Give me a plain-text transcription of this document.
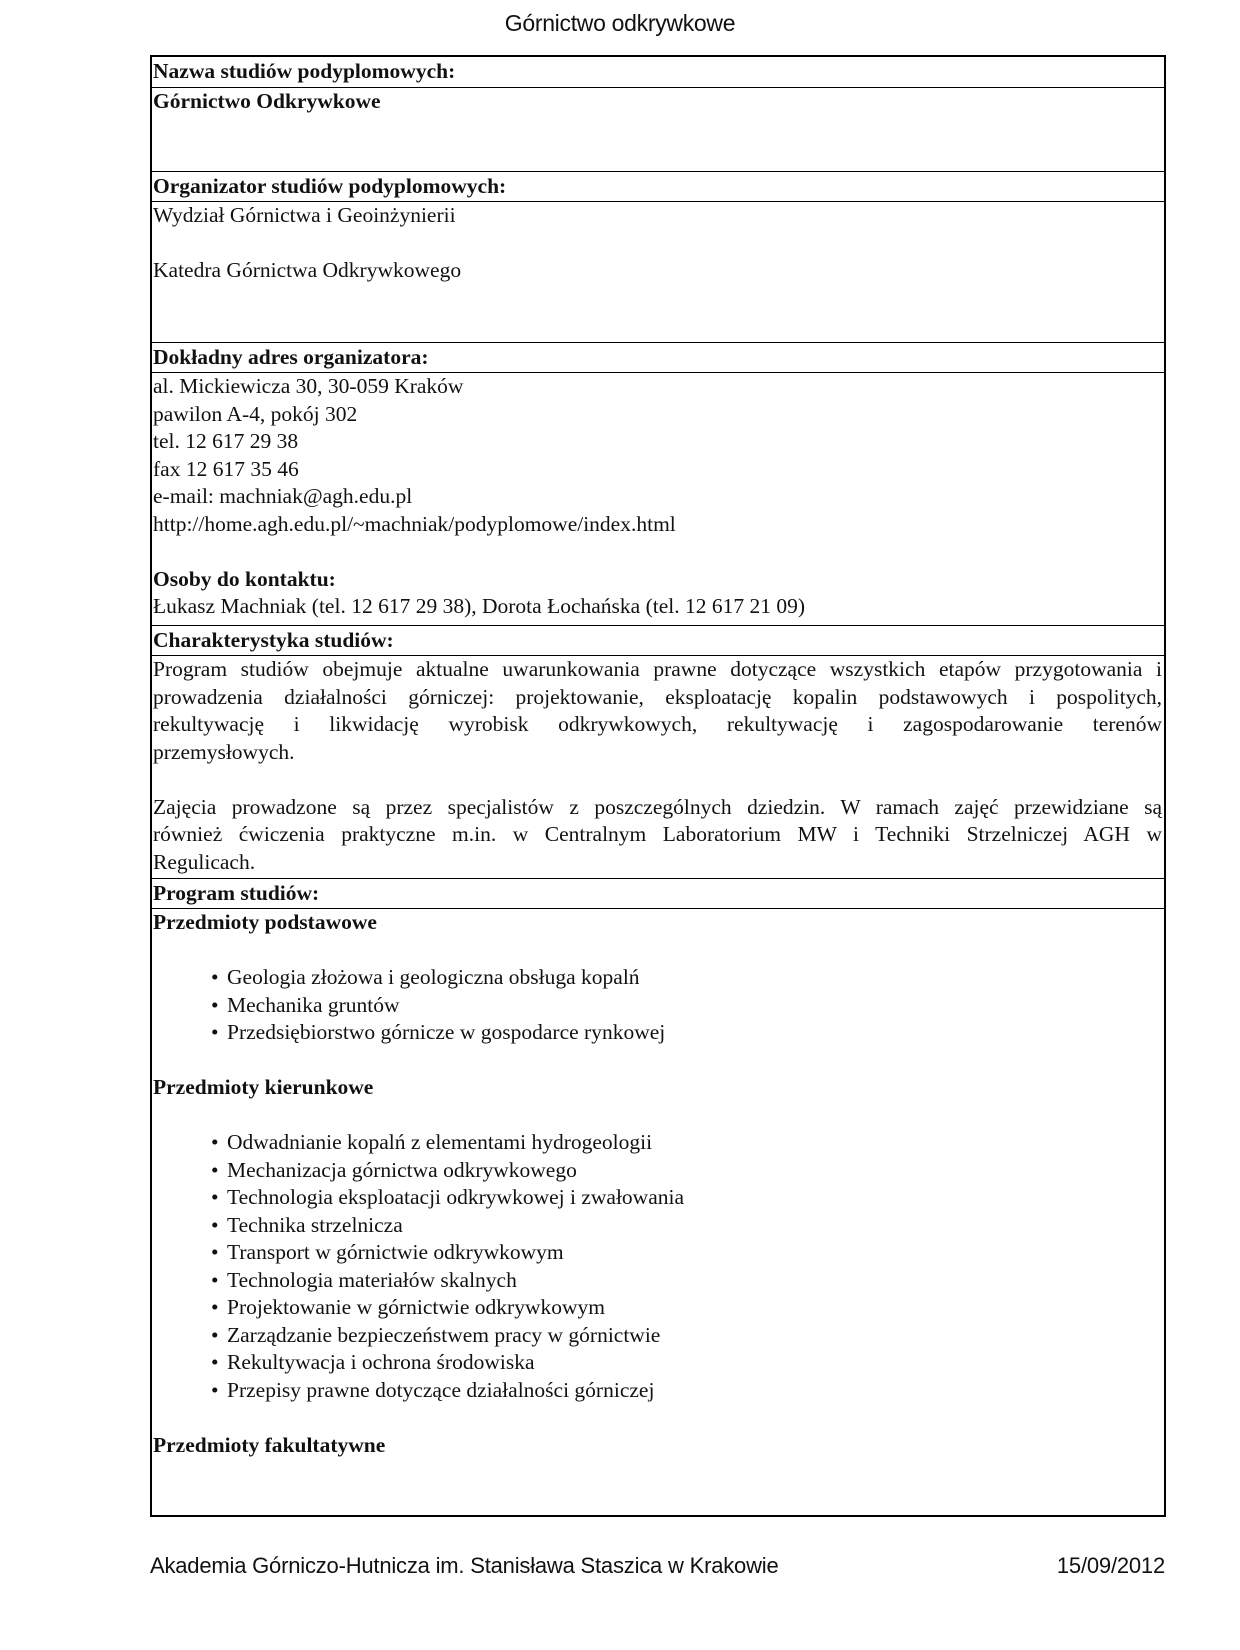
Górnictwo odkrywkowe
Nazwa studiów podyplomowych:
Górnictwo Odkrywkowe
Organizator studiów podyplomowych:
Wydział Górnictwa i Geoinżynierii
Katedra Górnictwa Odkrywkowego
Dokładny adres organizatora:
al. Mickiewicza 30, 30-059 Kraków
pawilon A-4, pokój 302
tel. 12 617 29 38
fax 12 617 35 46
e-mail: machniak@agh.edu.pl
http://home.agh.edu.pl/~machniak/podyplomowe/index.html
Osoby do kontaktu:
Łukasz Machniak (tel. 12 617 29 38), Dorota Łochańska (tel. 12 617 21 09)
Charakterystyka studiów:
Program studiów obejmuje aktualne uwarunkowania prawne dotyczące wszystkich etapów przygotowania i
prowadzenia działalności górniczej: projektowanie, eksploatację kopalin podstawowych i pospolitych,
rekultywację i likwidację wyrobisk odkrywkowych, rekultywację i zagospodarowanie terenów
przemysłowych.
Zajęcia prowadzone są przez specjalistów z poszczególnych dziedzin. W ramach zajęć przewidziane są
również ćwiczenia praktyczne m.in. w Centralnym Laboratorium MW i Techniki Strzelniczej AGH w
Regulicach.
Program studiów:
Przedmioty podstawowe
• Geologia złożowa i geologiczna obsługa kopalń
• Mechanika gruntów
• Przedsiębiorstwo górnicze w gospodarce rynkowej
Przedmioty kierunkowe
• Odwadnianie kopalń z elementami hydrogeologii
• Mechanizacja górnictwa odkrywkowego
• Technologia eksploatacji odkrywkowej i zwałowania
• Technika strzelnicza
• Transport w górnictwie odkrywkowym
• Technologia materiałów skalnych
• Projektowanie w górnictwie odkrywkowym
• Zarządzanie bezpieczeństwem pracy w górnictwie
• Rekultywacja i ochrona środowiska
• Przepisy prawne dotyczące działalności górniczej
Przedmioty fakultatywne
Akademia Górniczo-Hutnicza im. Stanisława Staszica w Krakowie	15/09/2012
